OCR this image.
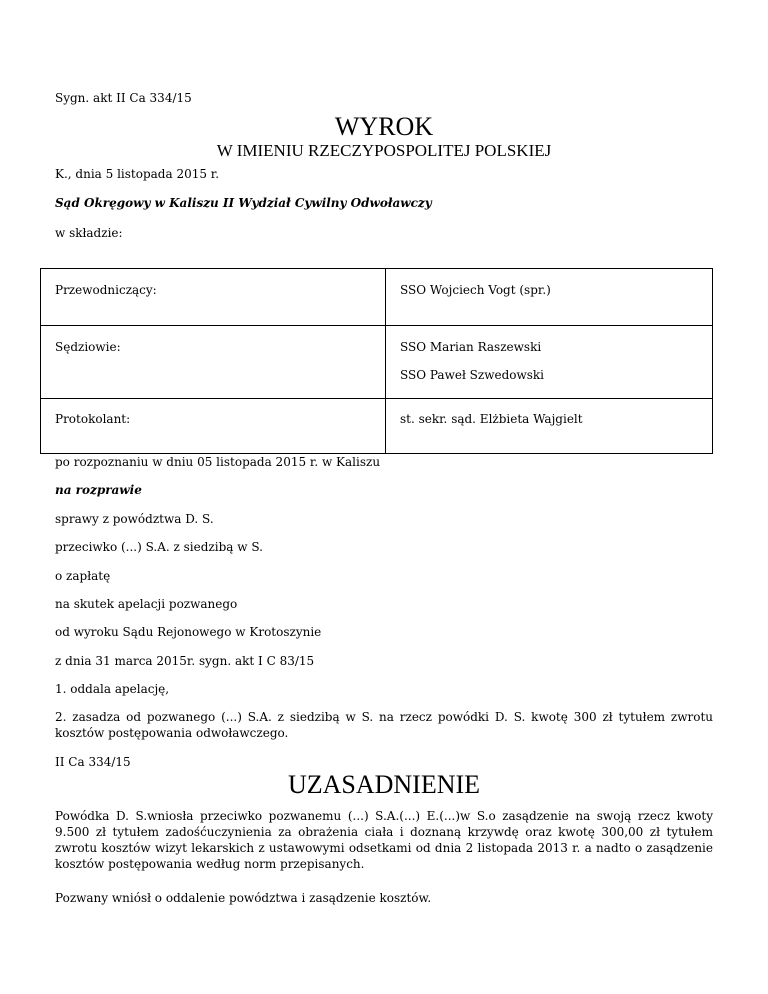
Sygn. akt II Ca 334/15
WYROK
W IMIENIU RZECZYPOSPOLITEJ POLSKIEJ
K., dnia 5 listopada 2015 r.
Sąd Okręgowy w Kaliszu II Wydział Cywilny Odwoławczy
w składzie:
Przewodniczący:	SSO Wojciech Vogt (spr.)

Sędziowie:	SSO Marian Raszewski
SSO Paweł Szwedowski

Protokolant:	st. sekr. sąd. Elżbieta Wajgielt
po rozpoznaniu w dniu 05 listopada 2015 r. w Kaliszu
na rozprawie
sprawy z powództwa D. S.
przeciwko (...) S.A. z siedzibą w S.
o zapłatę
na skutek apelacji pozwanego
od wyroku Sądu Rejonowego w Krotoszynie
z dnia 31 marca 2015r. sygn. akt I C 83/15
1. oddala apelację,
2. zasadza od pozwanego (...) S.A. z siedzibą w S. na rzecz powódki D. S. kwotę 300 zł tytułem zwrotu kosztów postępowania odwoławczego.
II Ca 334/15
UZASADNIENIE
Powódka D. S.wniosła przeciwko pozwanemu (...) S.A.(...) E.(...)w S.o zasądzenie na swoją rzecz kwoty 9.500 zł tytułem zadośćuczynienia za obrażenia ciała i doznaną krzywdę oraz kwotę 300,00 zł tytułem zwrotu kosztów wizyt lekarskich z ustawowymi odsetkami od dnia 2 listopada 2013 r. a nadto o zasądzenie kosztów postępowania według norm przepisanych.
Pozwany wniósł o oddalenie powództwa i zasądzenie kosztów.
